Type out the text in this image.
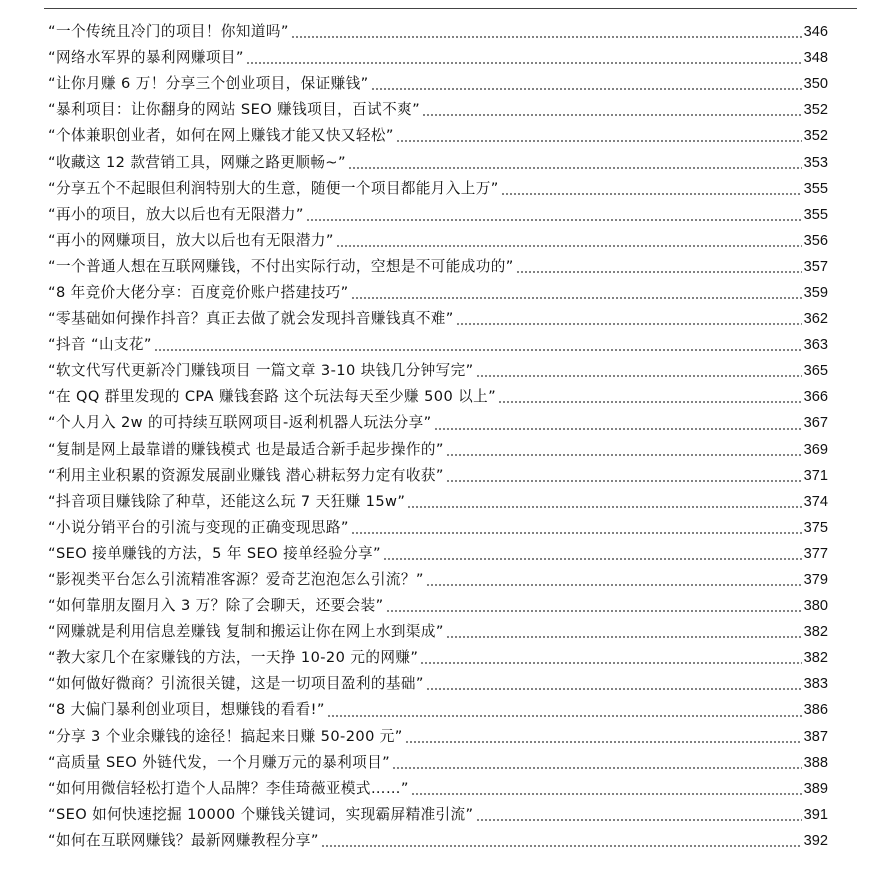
“一个传统且冷门的项目！你知道吗”	346
“网络水军界的暴利网赚项目”	348
“让你月赚 6 万！分享三个创业项目，保证赚钱”	350
“暴利项目：让你翻身的网站 SEO 赚钱项目，百试不爽”	352
“个体兼职创业者，如何在网上赚钱才能又快又轻松”	352
“收藏这 12 款营销工具，网赚之路更顺畅~”	353
“分享五个不起眼但利润特别大的生意，随便一个项目都能月入上万”	355
“再小的项目，放大以后也有无限潜力”	355
“再小的网赚项目，放大以后也有无限潜力”	356
“一个普通人想在互联网赚钱，不付出实际行动，空想是不可能成功的”	357
“8 年竞价大佬分享：百度竞价账户搭建技巧”	359
“零基础如何操作抖音？真正去做了就会发现抖音赚钱真不难”	362
“抖音 “山支花”	363
“软文代写代更新冷门赚钱项目 一篇文章 3-10 块钱几分钟写完”	365
“在 QQ 群里发现的 CPA 赚钱套路 这个玩法每天至少赚 500 以上”	366
“个人月入 2w 的可持续互联网项目-返利机器人玩法分享”	367
“复制是网上最靠谱的赚钱模式 也是最适合新手起步操作的”	369
“利用主业积累的资源发展副业赚钱 潜心耕耘努力定有收获”	371
“抖音项目赚钱除了种草，还能这么玩 7 天狂赚 15w”	374
“小说分销平台的引流与变现的正确变现思路”	375
“SEO 接单赚钱的方法，5 年 SEO 接单经验分享”	377
“影视类平台怎么引流精准客源？爱奇艺泡泡怎么引流？”	379
“如何靠朋友圈月入 3 万？除了会聊天，还要会装”	380
“网赚就是利用信息差赚钱 复制和搬运让你在网上水到渠成”	382
“教大家几个在家赚钱的方法，一天挣 10-20 元的网赚”	382
“如何做好微商？引流很关键，这是一切项目盈利的基础”	383
“8 大偏门暴利创业项目，想赚钱的看看!”	386
“分享 3 个业余赚钱的途径！搞起来日赚 50-200 元”	387
“高质量 SEO 外链代发，一个月赚万元的暴利项目”	388
“如何用微信轻松打造个人品牌？李佳琦薇亚模式……”	389
“SEO 如何快速挖掘 10000 个赚钱关键词，实现霸屏精准引流”	391
“如何在互联网赚钱？最新网赚教程分享”	392
